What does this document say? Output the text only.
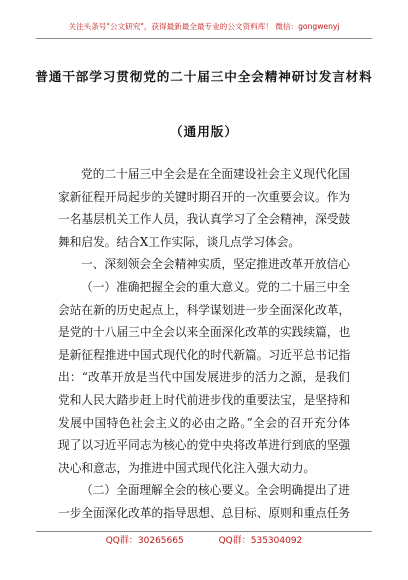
关注头条号"公文研究"，获得最新最全最专业的公文资料库！ 微信：gongwenyj
普通干部学习贯彻党的二十届三中全会精神研讨发言材料
（通用版）
党的二十届三中全会是在全面建设社会主义现代化国
家新征程开局起步的关键时期召开的一次重要会议。作为
一名基层机关工作人员，我认真学习了全会精神，深受鼓
舞和启发。结合X工作实际，谈几点学习体会。
一、深刻领会全会精神实质，坚定推进改革开放信心
（一）准确把握全会的重大意义。党的二十届三中全
会站在新的历史起点上，科学谋划进一步全面深化改革，
是党的十八届三中全会以来全面深化改革的实践续篇，也
是新征程推进中国式现代化的时代新篇。习近平总书记指
出：“改革开放是当代中国发展进步的活力之源，是我们
党和人民大踏步赶上时代前进步伐的重要法宝，是坚持和
发展中国特色社会主义的必由之路。”全会的召开充分体
现了以习近平同志为核心的党中央将改革进行到底的坚强
决心和意志，为推进中国式现代化注入强大动力。
（二）全面理解全会的核心要义。全会明确提出了进
一步全面深化改革的指导思想、总目标、原则和重点任务
QQ群：30265665	QQ群：535304092
